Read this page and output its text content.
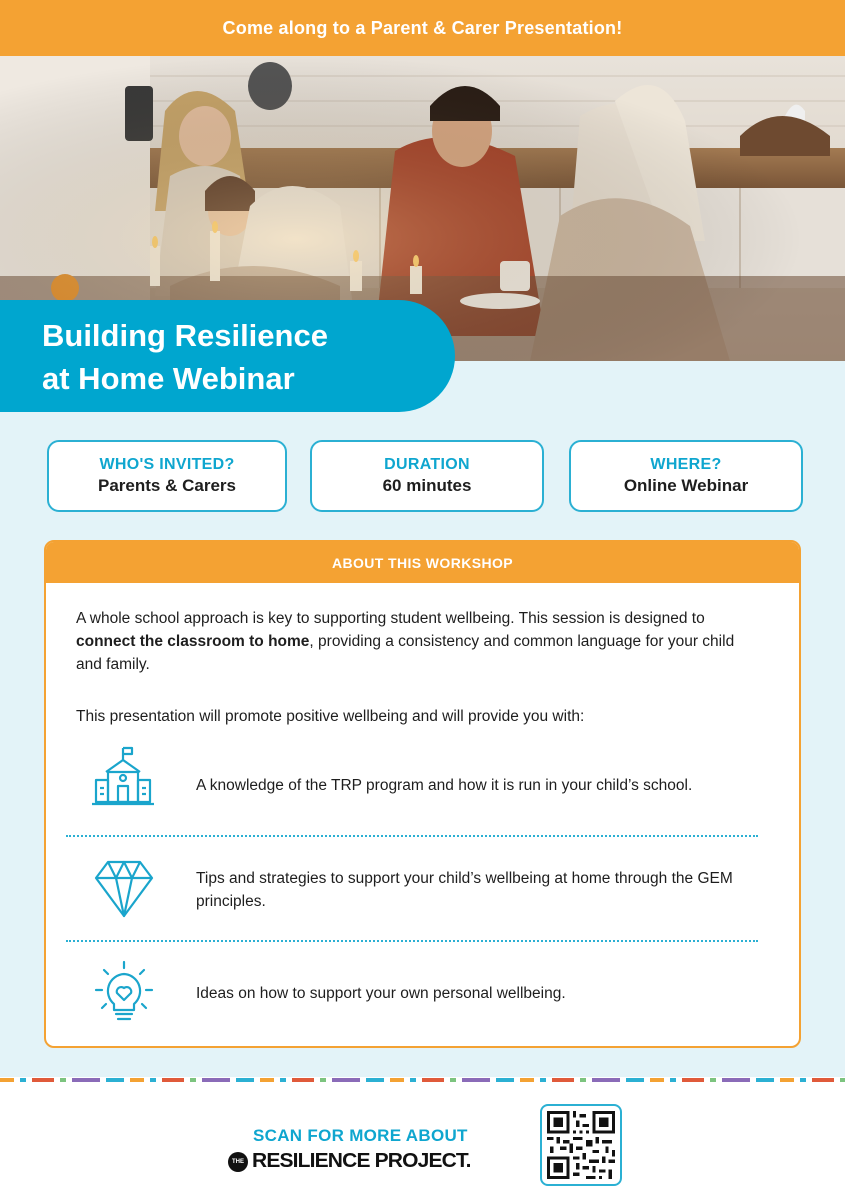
Come along to a Parent & Carer Presentation!
Building Resilience
at Home Webinar
WHO'S INVITED?
Parents & Carers
DURATION
60 minutes
WHERE?
Online Webinar
ABOUT THIS WORKSHOP
A whole school approach is key to supporting student wellbeing. This session is designed to connect the classroom to home, providing a consistency and common language for your child and family.
This presentation will promote positive wellbeing and will provide you with:
A knowledge of the TRP program and how it is run in your child’s school.
Tips and strategies to support your child’s wellbeing at home through the GEM principles.
Ideas on how to support your own personal wellbeing.
SCAN FOR MORE ABOUT
THE RESILIENCE PROJECT.
